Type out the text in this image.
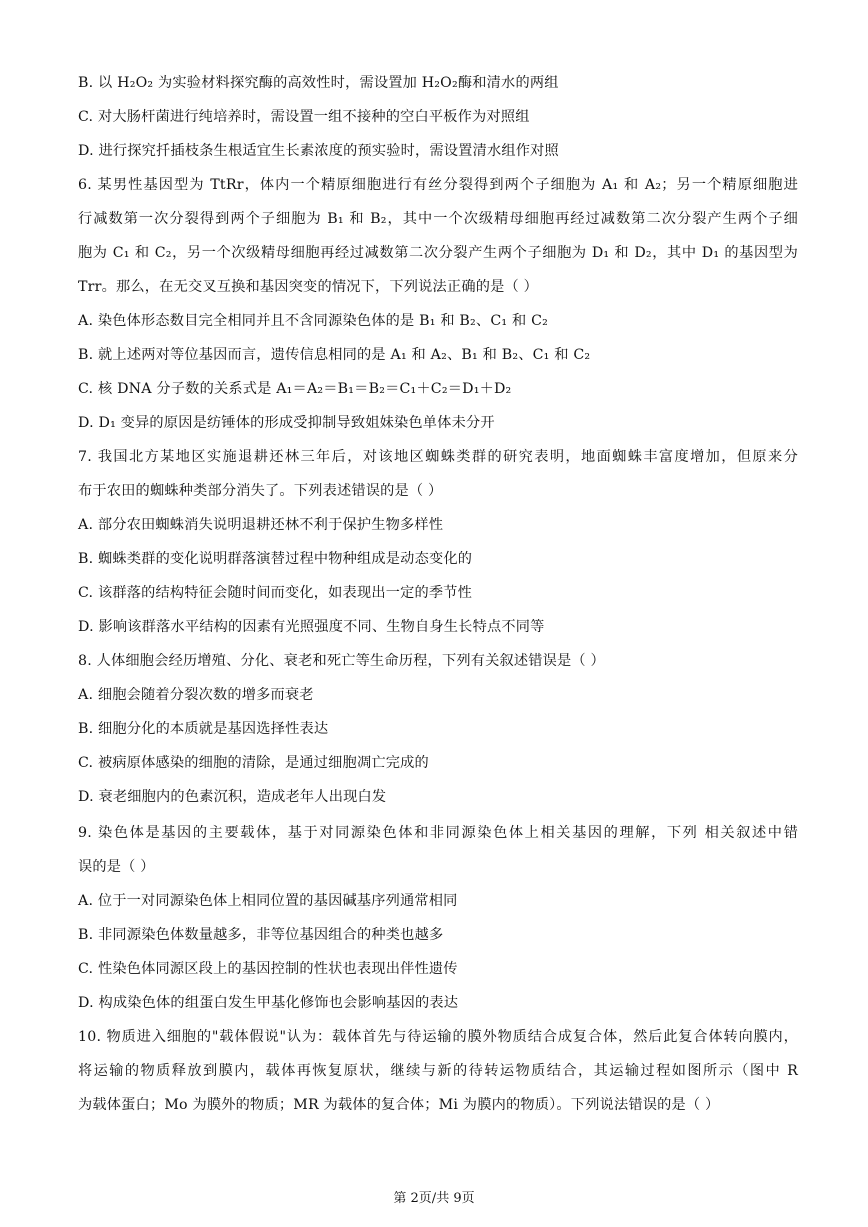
B. 以 H₂O₂ 为实验材料探究酶的高效性时，需设置加 H₂O₂酶和清水的两组
C. 对大肠杆菌进行纯培养时，需设置一组不接种的空白平板作为对照组
D. 进行探究扦插枝条生根适宜生长素浓度的预实验时，需设置清水组作对照
6. 某男性基因型为 TtRr，体内一个精原细胞进行有丝分裂得到两个子细胞为 A₁ 和 A₂；另一个精原细胞进
行减数第一次分裂得到两个子细胞为 B₁ 和 B₂，其中一个次级精母细胞再经过减数第二次分裂产生两个子细
胞为 C₁ 和 C₂，另一个次级精母细胞再经过减数第二次分裂产生两个子细胞为 D₁ 和 D₂，其中 D₁ 的基因型为
Trr。那么，在无交叉互换和基因突变的情况下，下列说法正确的是（ ）
A. 染色体形态数目完全相同并且不含同源染色体的是 B₁ 和 B₂、C₁ 和 C₂
B. 就上述两对等位基因而言，遗传信息相同的是 A₁ 和 A₂、B₁ 和 B₂、C₁ 和 C₂
C. 核 DNA 分子数的关系式是 A₁＝A₂＝B₁＝B₂＝C₁＋C₂＝D₁＋D₂
D. D₁ 变异的原因是纺锤体的形成受抑制导致姐妹染色单体未分开
7. 我国北方某地区实施退耕还林三年后，对该地区蜘蛛类群的研究表明，地面蜘蛛丰富度增加，但原来分
布于农田的蜘蛛种类部分消失了。下列表述错误的是（ ）
A. 部分农田蜘蛛消失说明退耕还林不利于保护生物多样性
B. 蜘蛛类群的变化说明群落演替过程中物种组成是动态变化的
C. 该群落的结构特征会随时间而变化，如表现出一定的季节性
D. 影响该群落水平结构的因素有光照强度不同、生物自身生长特点不同等
8. 人体细胞会经历增殖、分化、衰老和死亡等生命历程，下列有关叙述错误是（ ）
A. 细胞会随着分裂次数的增多而衰老
B. 细胞分化的本质就是基因选择性表达
C. 被病原体感染的细胞的清除，是通过细胞凋亡完成的
D. 衰老细胞内的色素沉积，造成老年人出现白发
9. 染色体是基因的主要载体，基于对同源染色体和非同源染色体上相关基因的理解，下列 相关叙述中错
误的是（ ）
A. 位于一对同源染色体上相同位置的基因碱基序列通常相同
B. 非同源染色体数量越多，非等位基因组合的种类也越多
C. 性染色体同源区段上的基因控制的性状也表现出伴性遗传
D. 构成染色体的组蛋白发生甲基化修饰也会影响基因的表达
10. 物质进入细胞的"载体假说"认为：载体首先与待运输的膜外物质结合成复合体，然后此复合体转向膜内，
将运输的物质释放到膜内，载体再恢复原状，继续与新的待转运物质结合，其运输过程如图所示（图中 R
为载体蛋白；Mo 为膜外的物质；MR 为载体的复合体；Mi 为膜内的物质）。下列说法错误的是（ ）
第 2页/共 9页
